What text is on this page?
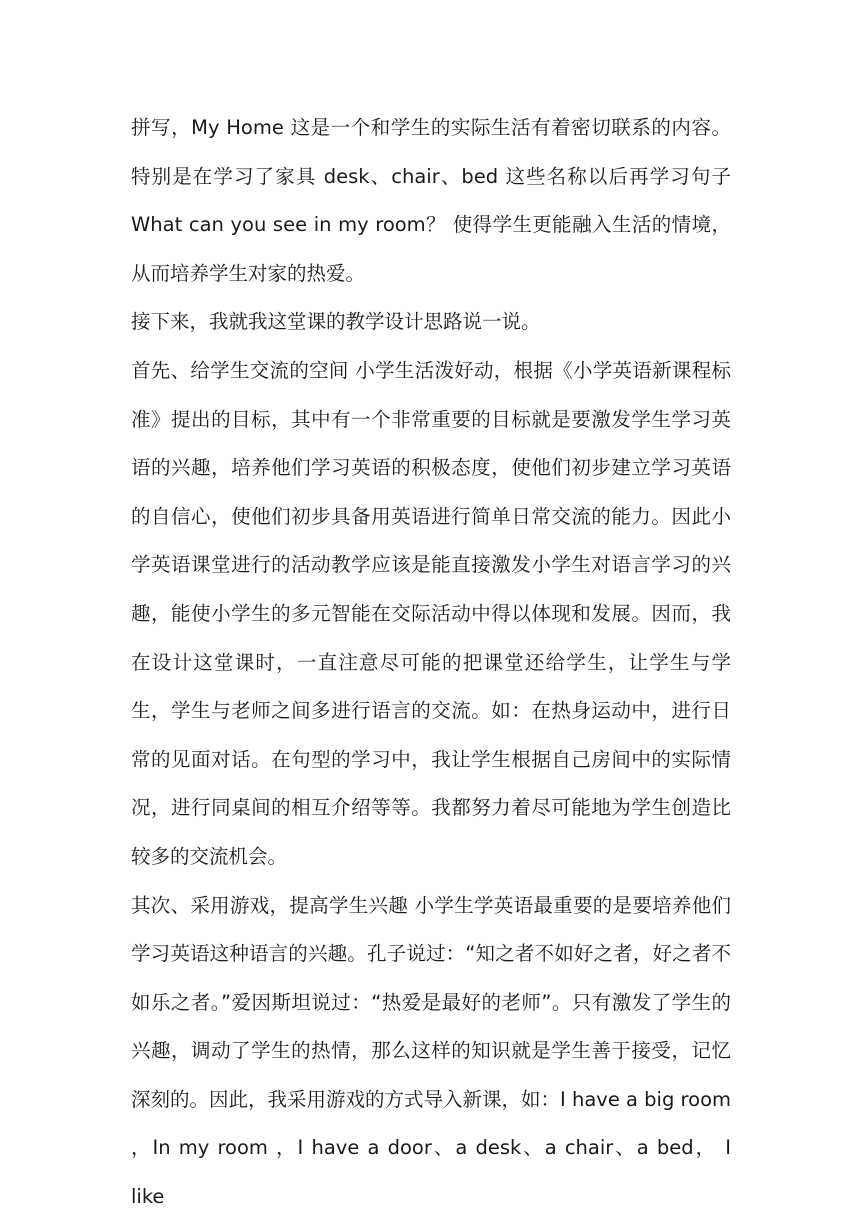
拼写，My Home 这是一个和学生的实际生活有着密切联系的内容。特别是在学习了家具 desk、chair、bed 这些名称以后再学习句子 What can you see in my room？ 使得学生更能融入生活的情境，从而培养学生对家的热爱。

接下来，我就我这堂课的教学设计思路说一说。

首先、给学生交流的空间 小学生活泼好动，根据《小学英语新课程标准》提出的目标，其中有一个非常重要的目标就是要激发学生学习英语的兴趣，培养他们学习英语的积极态度，使他们初步建立学习英语的自信心，使他们初步具备用英语进行简单日常交流的能力。因此小学英语课堂进行的活动教学应该是能直接激发小学生对语言学习的兴趣，能使小学生的多元智能在交际活动中得以体现和发展。因而，我在设计这堂课时，一直注意尽可能的把课堂还给学生，让学生与学生，学生与老师之间多进行语言的交流。如：在热身运动中，进行日常的见面对话。在句型的学习中，我让学生根据自己房间中的实际情况，进行同桌间的相互介绍等等。我都努力着尽可能地为学生创造比较多的交流机会。

其次、采用游戏，提高学生兴趣 小学生学英语最重要的是要培养他们学习英语这种语言的兴趣。孔子说过：“知之者不如好之者，好之者不如乐之者。”爱因斯坦说过：“热爱是最好的老师”。只有激发了学生的兴趣，调动了学生的热情，那么这样的知识就是学生善于接受，记忆深刻的。因此，我采用游戏的方式导入新课，如：I have a big room ，In my room ，I have a door、a desk、a chair、a bed， I like
